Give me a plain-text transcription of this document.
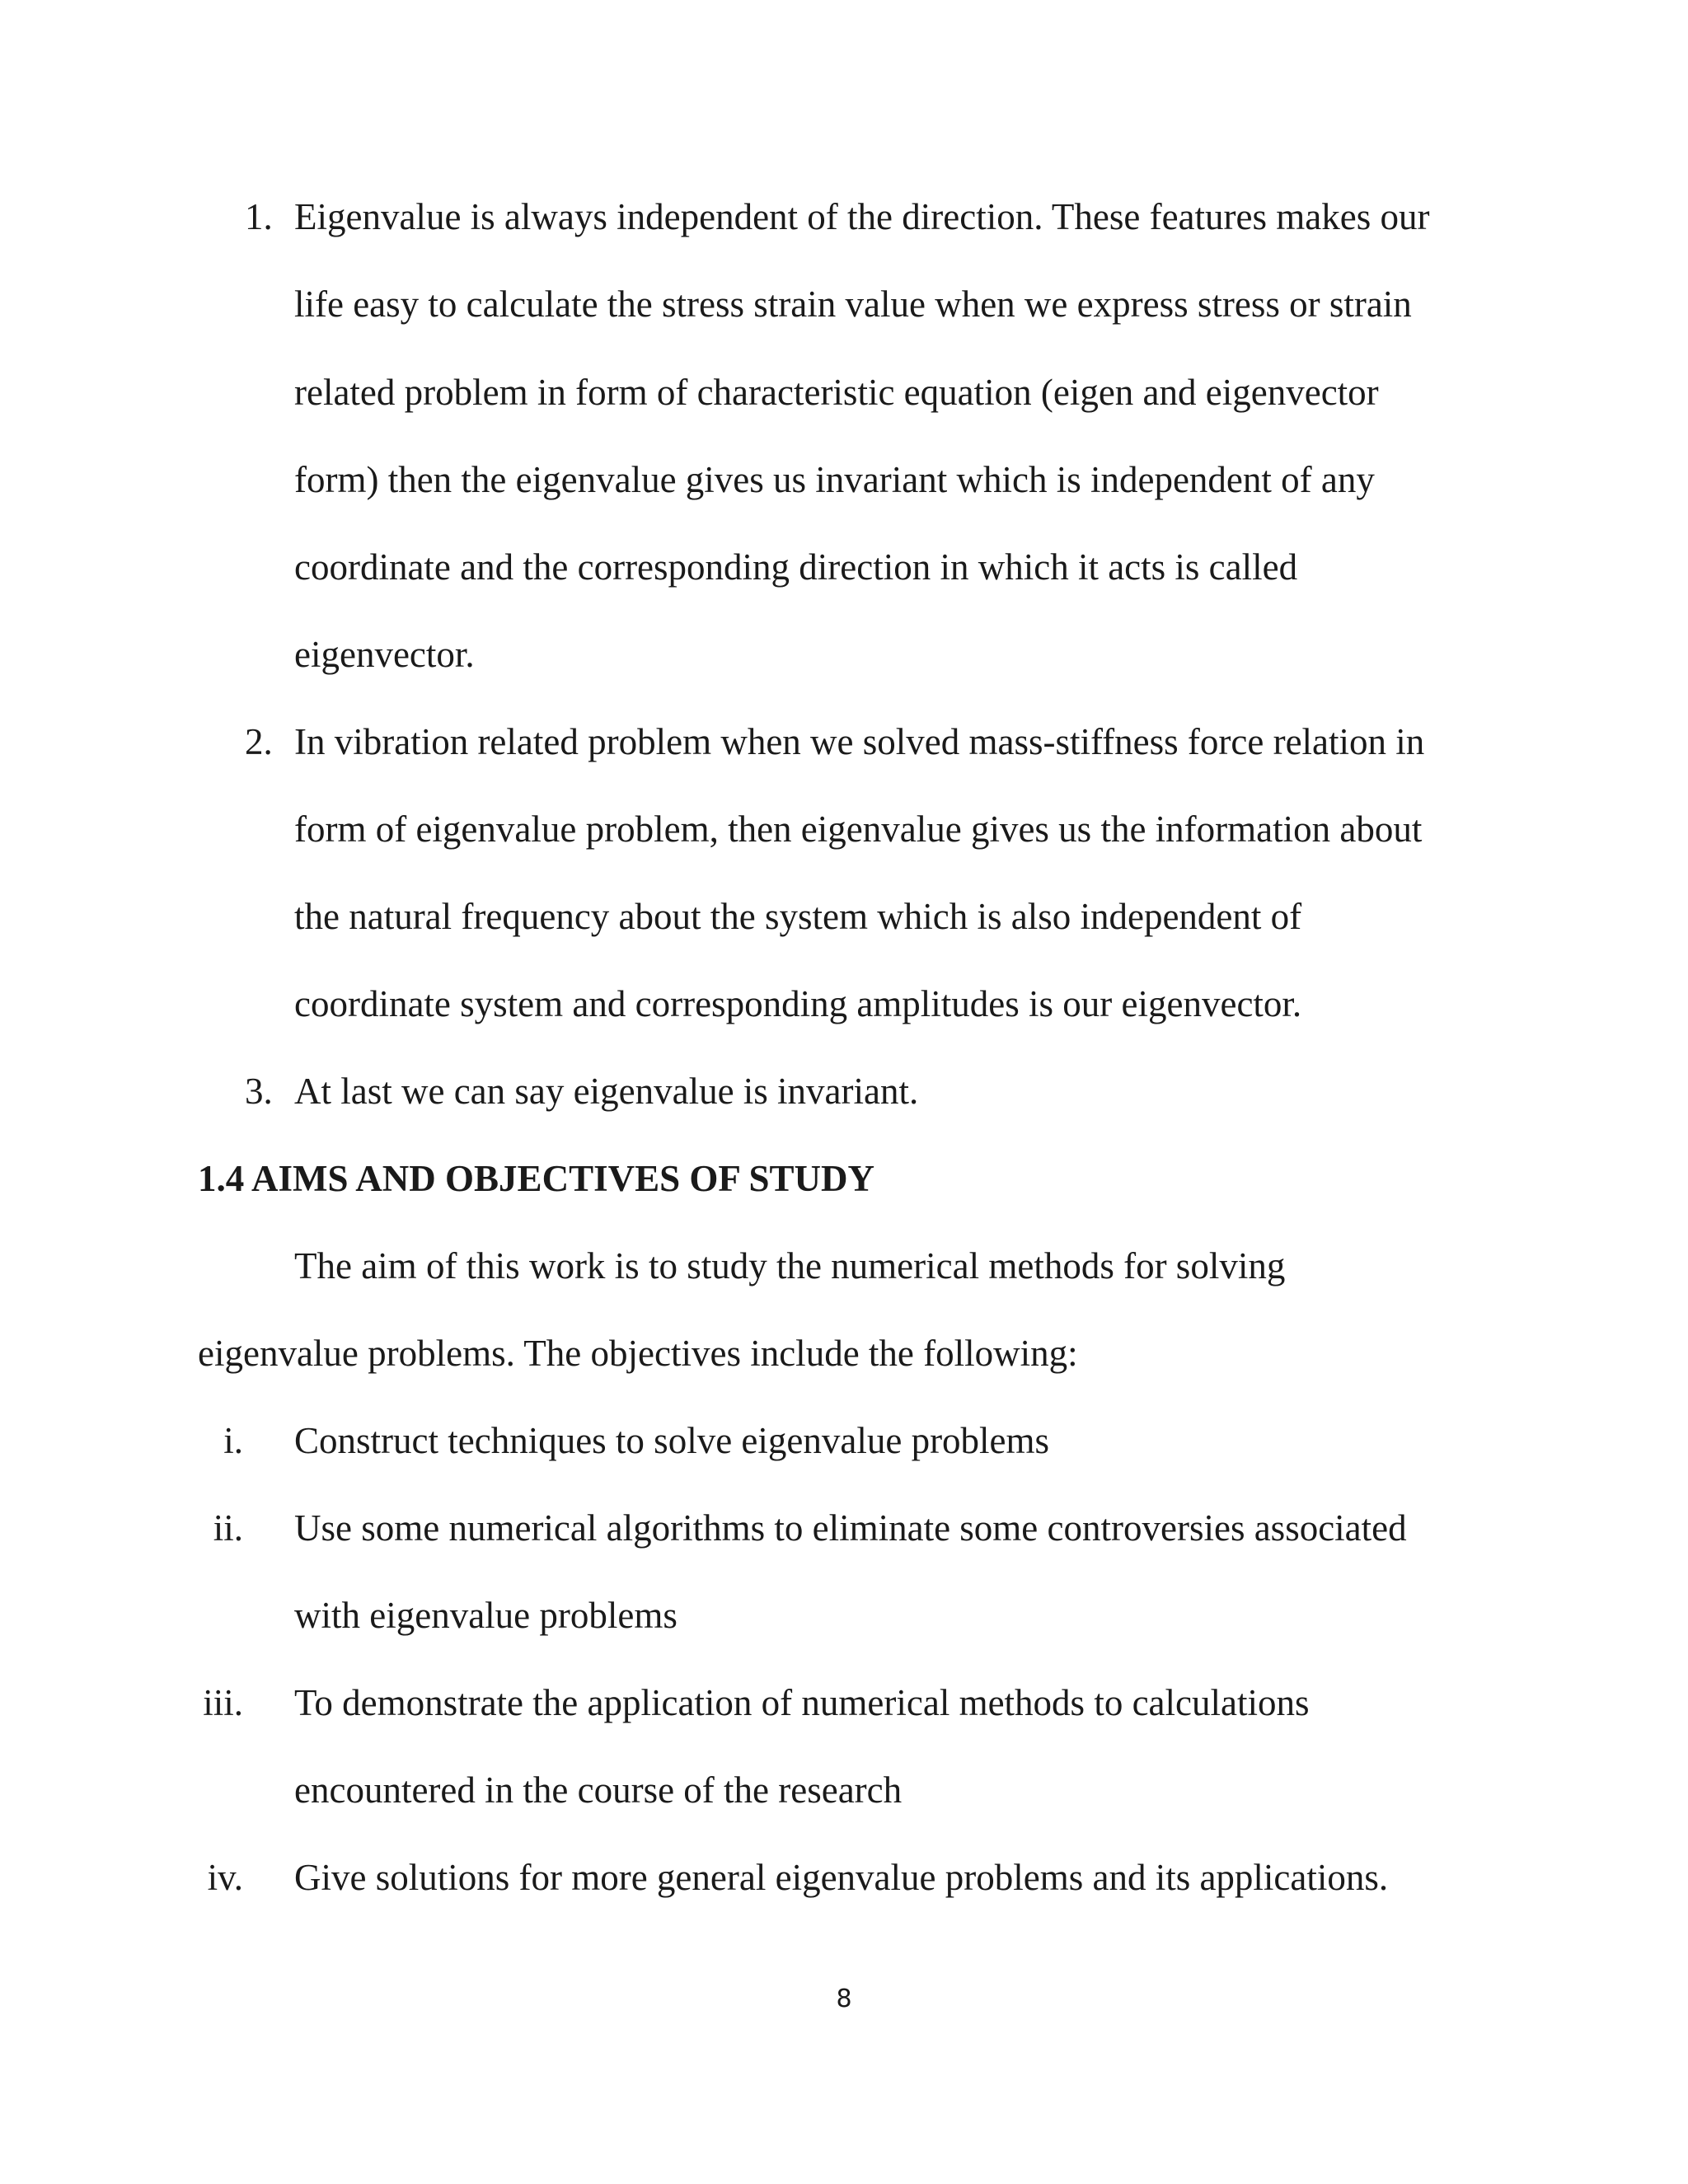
1. Eigenvalue is always independent of the direction. These features makes our
life easy to calculate the stress strain value when we express stress or strain
related problem in form of characteristic equation (eigen and eigenvector
form) then the eigenvalue gives us invariant which is independent of any
coordinate and the corresponding direction in which it acts is called
eigenvector.
2. In vibration related problem when we solved mass-stiffness force relation in
form of eigenvalue problem, then eigenvalue gives us the information about
the natural frequency about the system which is also independent of
coordinate system and corresponding amplitudes is our eigenvector.
3. At last we can say eigenvalue is invariant.
1.4 AIMS AND OBJECTIVES OF STUDY
The aim of this work is to study the numerical methods for solving
eigenvalue problems. The objectives include the following:
i. Construct techniques to solve eigenvalue problems
ii. Use some numerical algorithms to eliminate some controversies associated
with eigenvalue problems
iii. To demonstrate the application of numerical methods to calculations
encountered in the course of the research
iv. Give solutions for more general eigenvalue problems and its applications.
8
